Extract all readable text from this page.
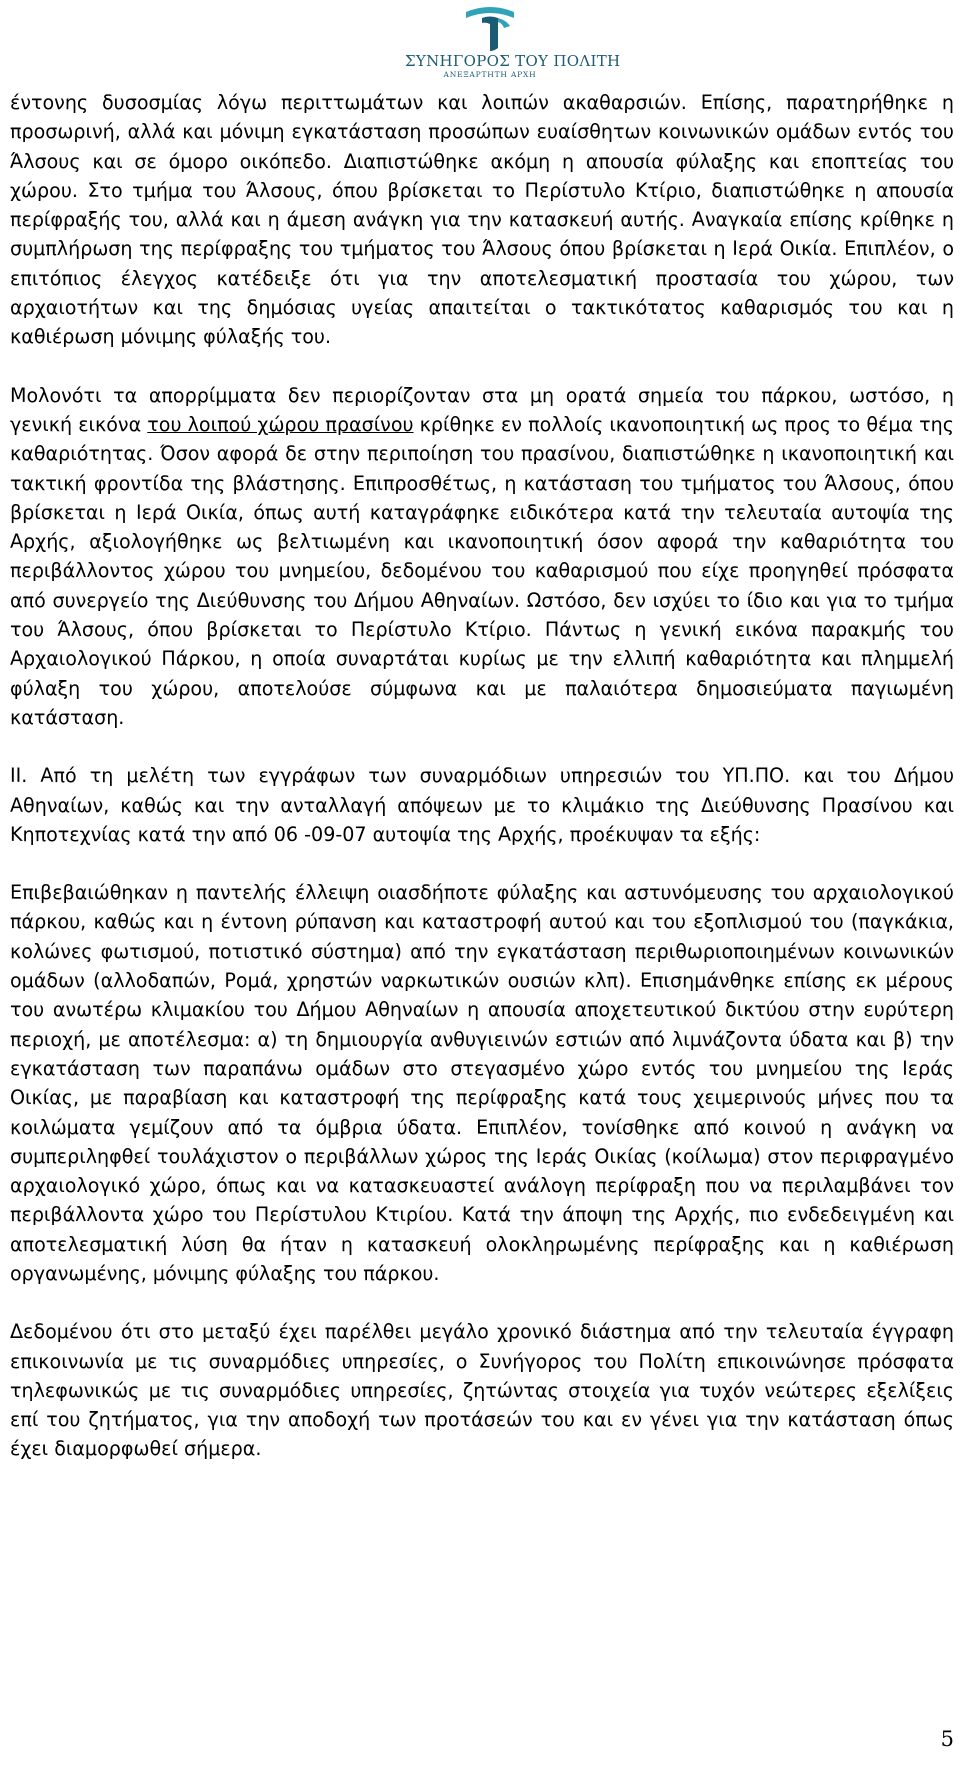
ΣΥΝΗΓΟΡΟΣ ΤΟΥ ΠΟΛΙΤΗ
ΑΝΕΞΑΡΤΗΤΗ ΑΡΧΗ

έντονης δυσοσμίας λόγω περιττωμάτων και λοιπών ακαθαρσιών. Επίσης, παρατηρήθηκε η προσωρινή, αλλά και μόνιμη εγκατάσταση προσώπων ευαίσθητων κοινωνικών ομάδων εντός του Άλσους και σε όμορο οικόπεδο. Διαπιστώθηκε ακόμη η απουσία φύλαξης και εποπτείας του χώρου. Στο τμήμα του Άλσους, όπου βρίσκεται το Περίστυλο Κτίριο, διαπιστώθηκε η απουσία περίφραξής του, αλλά και η άμεση ανάγκη για την κατασκευή αυτής. Αναγκαία επίσης κρίθηκε η συμπλήρωση της περίφραξης του τμήματος του Άλσους όπου βρίσκεται η Ιερά Οικία. Επιπλέον, ο επιτόπιος έλεγχος κατέδειξε ότι για την αποτελεσματική προστασία του χώρου, των αρχαιοτήτων και της δημόσιας υγείας απαιτείται ο τακτικότατος καθαρισμός του και η καθιέρωση μόνιμης φύλαξής του.

Μολονότι τα απορρίμματα δεν περιορίζονταν στα μη ορατά σημεία του πάρκου, ωστόσο, η γενική εικόνα του λοιπού χώρου πρασίνου κρίθηκε εν πολλοίς ικανοποιητική ως προς το θέμα της καθαριότητας. Όσον αφορά δε στην περιποίηση του πρασίνου, διαπιστώθηκε η ικανοποιητική και τακτική φροντίδα της βλάστησης. Επιπροσθέτως, η κατάσταση του τμήματος του Άλσους, όπου βρίσκεται η Ιερά Οικία, όπως αυτή καταγράφηκε ειδικότερα κατά την τελευταία αυτοψία της Αρχής, αξιολογήθηκε ως βελτιωμένη και ικανοποιητική όσον αφορά την καθαριότητα του περιβάλλοντος χώρου του μνημείου, δεδομένου του καθαρισμού που είχε προηγηθεί πρόσφατα από συνεργείο της Διεύθυνσης του Δήμου Αθηναίων. Ωστόσο, δεν ισχύει το ίδιο και για το τμήμα του Άλσους, όπου βρίσκεται το Περίστυλο Κτίριο. Πάντως η γενική εικόνα παρακμής του Αρχαιολογικού Πάρκου, η οποία συναρτάται κυρίως με την ελλιπή καθαριότητα και πλημμελή φύλαξη του χώρου, αποτελούσε σύμφωνα και με παλαιότερα δημοσιεύματα παγιωμένη κατάσταση.

ΙΙ. Από τη μελέτη των εγγράφων των συναρμόδιων υπηρεσιών του ΥΠ.ΠΟ. και του Δήμου Αθηναίων, καθώς και την ανταλλαγή απόψεων με το κλιμάκιο της Διεύθυνσης Πρασίνου και Κηποτεχνίας κατά την από 06 -09-07 αυτοψία της Αρχής, προέκυψαν τα εξής:

Επιβεβαιώθηκαν η παντελής έλλειψη οιασδήποτε φύλαξης και αστυνόμευσης του αρχαιολογικού πάρκου, καθώς και η έντονη ρύπανση και καταστροφή αυτού και του εξοπλισμού του (παγκάκια, κολώνες φωτισμού, ποτιστικό σύστημα) από την εγκατάσταση περιθωριοποιημένων κοινωνικών ομάδων (αλλοδαπών, Ρομά, χρηστών ναρκωτικών ουσιών κλπ). Επισημάνθηκε επίσης εκ μέρους του ανωτέρω κλιμακίου του Δήμου Αθηναίων η απουσία αποχετευτικού δικτύου στην ευρύτερη περιοχή, με αποτέλεσμα: α) τη δημιουργία ανθυγιεινών εστιών από λιμνάζοντα ύδατα και β) την εγκατάσταση των παραπάνω ομάδων στο στεγασμένο χώρο εντός του μνημείου της Ιεράς Οικίας, με παραβίαση και καταστροφή της περίφραξης κατά τους χειμερινούς μήνες που τα κοιλώματα γεμίζουν από τα όμβρια ύδατα. Επιπλέον, τονίσθηκε από κοινού η ανάγκη να συμπεριληφθεί τουλάχιστον ο περιβάλλων χώρος της Ιεράς Οικίας (κοίλωμα) στον περιφραγμένο αρχαιολογικό χώρο, όπως και να κατασκευαστεί ανάλογη περίφραξη που να περιλαμβάνει τον περιβάλλοντα χώρο του Περίστυλου Κτιρίου. Κατά την άποψη της Αρχής, πιο ενδεδειγμένη και αποτελεσματική λύση θα ήταν η κατασκευή ολοκληρωμένης περίφραξης και η καθιέρωση οργανωμένης, μόνιμης φύλαξης του πάρκου.

Δεδομένου ότι στο μεταξύ έχει παρέλθει μεγάλο χρονικό διάστημα από την τελευταία έγγραφη επικοινωνία με τις συναρμόδιες υπηρεσίες, ο Συνήγορος του Πολίτη επικοινώνησε πρόσφατα τηλεφωνικώς με τις συναρμόδιες υπηρεσίες, ζητώντας στοιχεία για τυχόν νεώτερες εξελίξεις επί του ζητήματος, για την αποδοχή των προτάσεών του και εν γένει για την κατάσταση όπως έχει διαμορφωθεί σήμερα.

5
